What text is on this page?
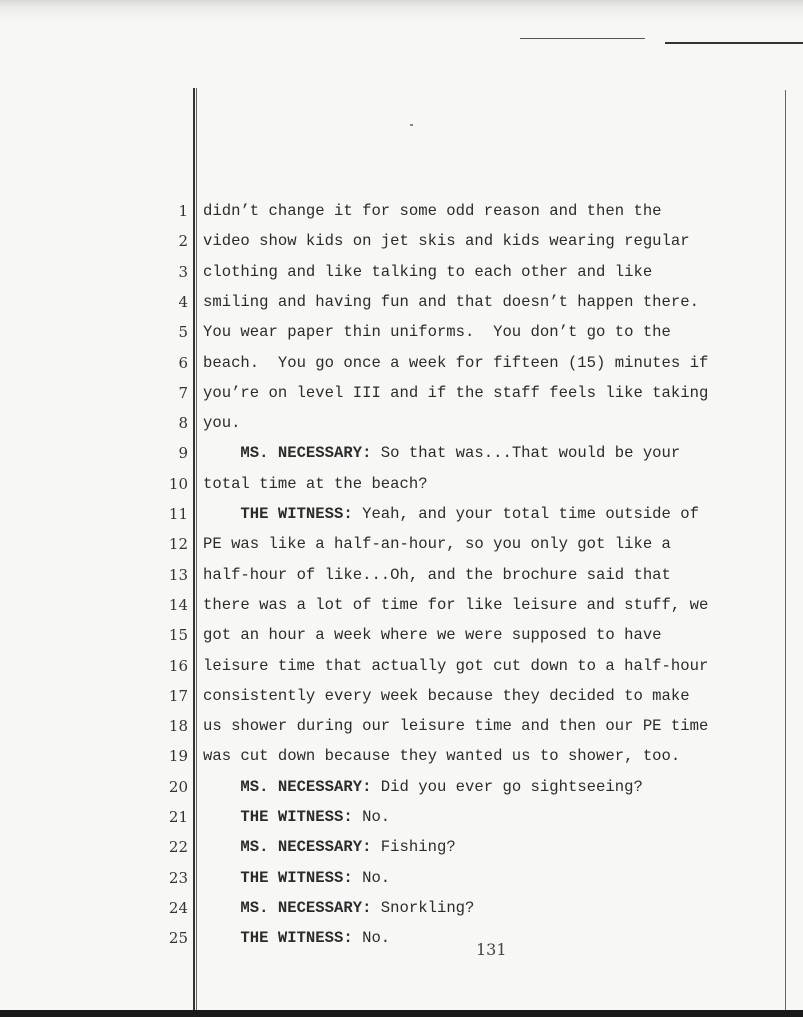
1 didn’t change it for some odd reason and then the
2 video show kids on jet skis and kids wearing regular
3 clothing and like talking to each other and like
4 smiling and having fun and that doesn’t happen there.
5 You wear paper thin uniforms.  You don’t go to the
6 beach.  You go once a week for fifteen (15) minutes if
7 you’re on level III and if the staff feels like taking
8 you.
9 MS. NECESSARY: So that was...That would be your
10 total time at the beach?
11 THE WITNESS: Yeah, and your total time outside of
12 PE was like a half-an-hour, so you only got like a
13 half-hour of like...Oh, and the brochure said that
14 there was a lot of time for like leisure and stuff, we
15 got an hour a week where we were supposed to have
16 leisure time that actually got cut down to a half-hour
17 consistently every week because they decided to make
18 us shower during our leisure time and then our PE time
19 was cut down because they wanted us to shower, too.
20 MS. NECESSARY: Did you ever go sightseeing?
21 THE WITNESS: No.
22 MS. NECESSARY: Fishing?
23 THE WITNESS: No.
24 MS. NECESSARY: Snorkling?
25 THE WITNESS: No.
131
